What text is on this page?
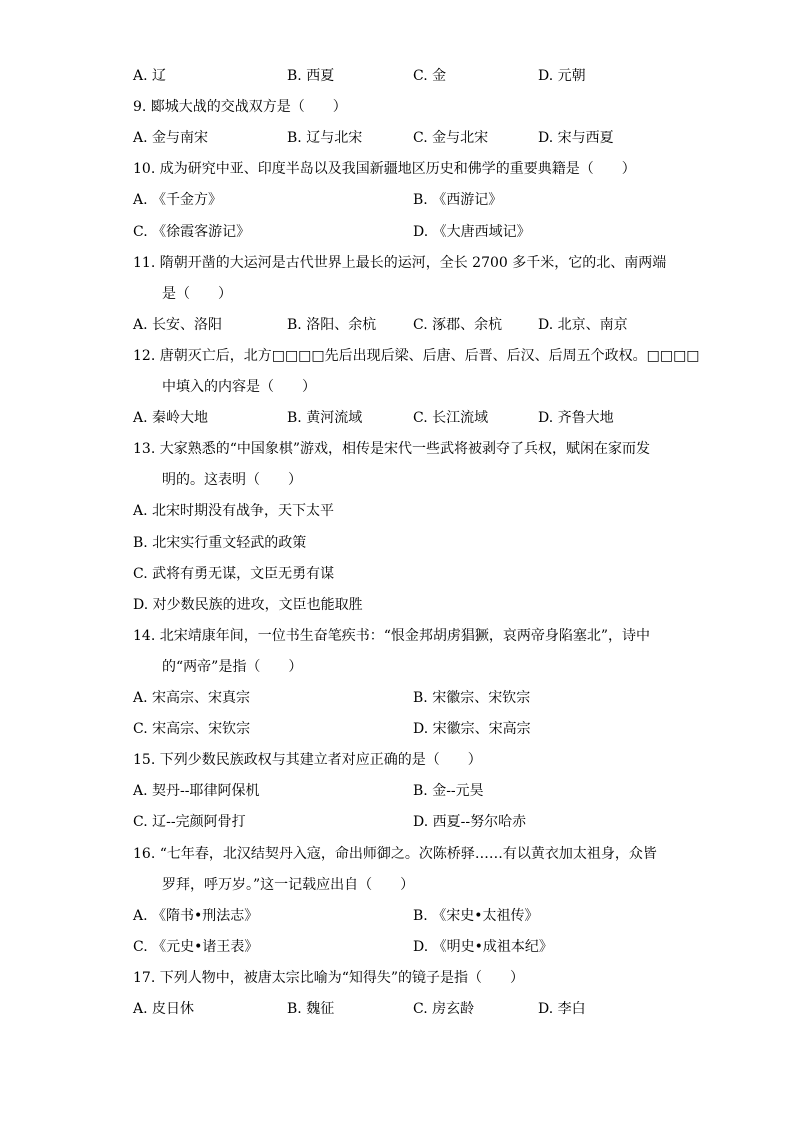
A. 辽	B. 西夏	C. 金	D. 元朝
9. 郾城大战的交战双方是（　　）
A. 金与南宋	B. 辽与北宋	C. 金与北宋	D. 宋与西夏
10. 成为研究中亚、印度半岛以及我国新疆地区历史和佛学的重要典籍是（　　）
A. 《千金方》	B. 《西游记》
C. 《徐霞客游记》	D. 《大唐西域记》
11. 隋朝开凿的大运河是古代世界上最长的运河，全长 2700 多千米，它的北、南两端
是（　　）
A. 长安、洛阳	B. 洛阳、余杭	C. 涿郡、余杭	D. 北京、南京
12. 唐朝灭亡后，北方□□□□先后出现后梁、后唐、后晋、后汉、后周五个政权。□□□□
中填入的内容是（　　）
A. 秦岭大地	B. 黄河流域	C. 长江流域	D. 齐鲁大地
13. 大家熟悉的“中国象棋”游戏，相传是宋代一些武将被剥夺了兵权，赋闲在家而发
明的。这表明（　　）
A. 北宋时期没有战争，天下太平
B. 北宋实行重文轻武的政策
C. 武将有勇无谋，文臣无勇有谋
D. 对少数民族的进攻，文臣也能取胜
14. 北宋靖康年间，一位书生奋笔疾书：“恨金邦胡虏猖獗，哀两帝身陷塞北”，诗中
的“两帝”是指（　　）
A. 宋高宗、宋真宗	B. 宋徽宗、宋钦宗
C. 宋高宗、宋钦宗	D. 宋徽宗、宋高宗
15. 下列少数民族政权与其建立者对应正确的是（　　）
A. 契丹--耶律阿保机	B. 金--元昊
C. 辽--完颜阿骨打	D. 西夏--努尔哈赤
16. “七年春，北汉结契丹入寇，命出师御之。次陈桥驿……有以黄衣加太祖身，众皆
罗拜，呼万岁。”这一记载应出自（　　）
A. 《隋书•刑法志》	B. 《宋史•太祖传》
C. 《元史•诸王表》	D. 《明史•成祖本纪》
17. 下列人物中，被唐太宗比喻为“知得失”的镜子是指（　　）
A. 皮日休	B. 魏征	C. 房玄龄	D. 李白
